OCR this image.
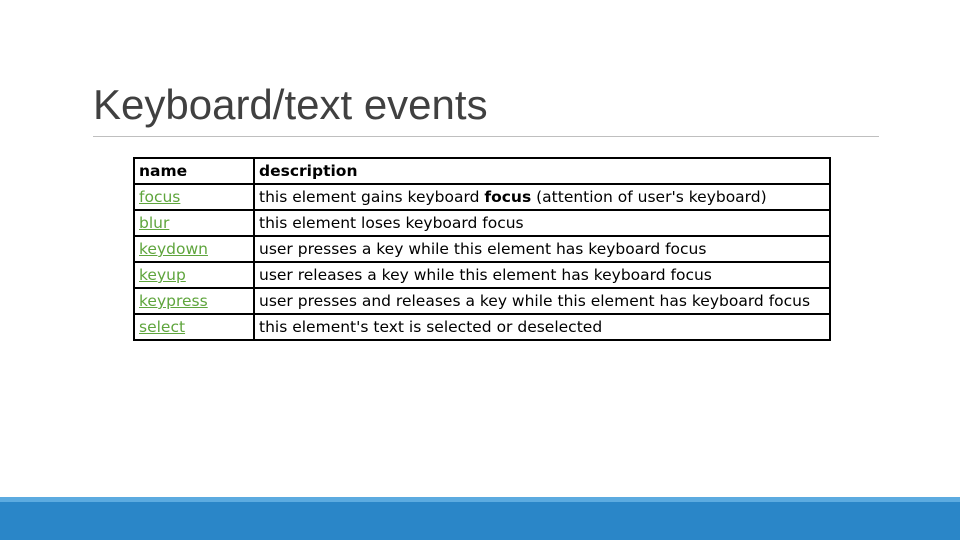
Keyboard/text events
name	description
focus	this element gains keyboard focus (attention of user's keyboard)
blur	this element loses keyboard focus
keydown	user presses a key while this element has keyboard focus
keyup	user releases a key while this element has keyboard focus
keypress	user presses and releases a key while this element has keyboard focus
select	this element's text is selected or deselected
